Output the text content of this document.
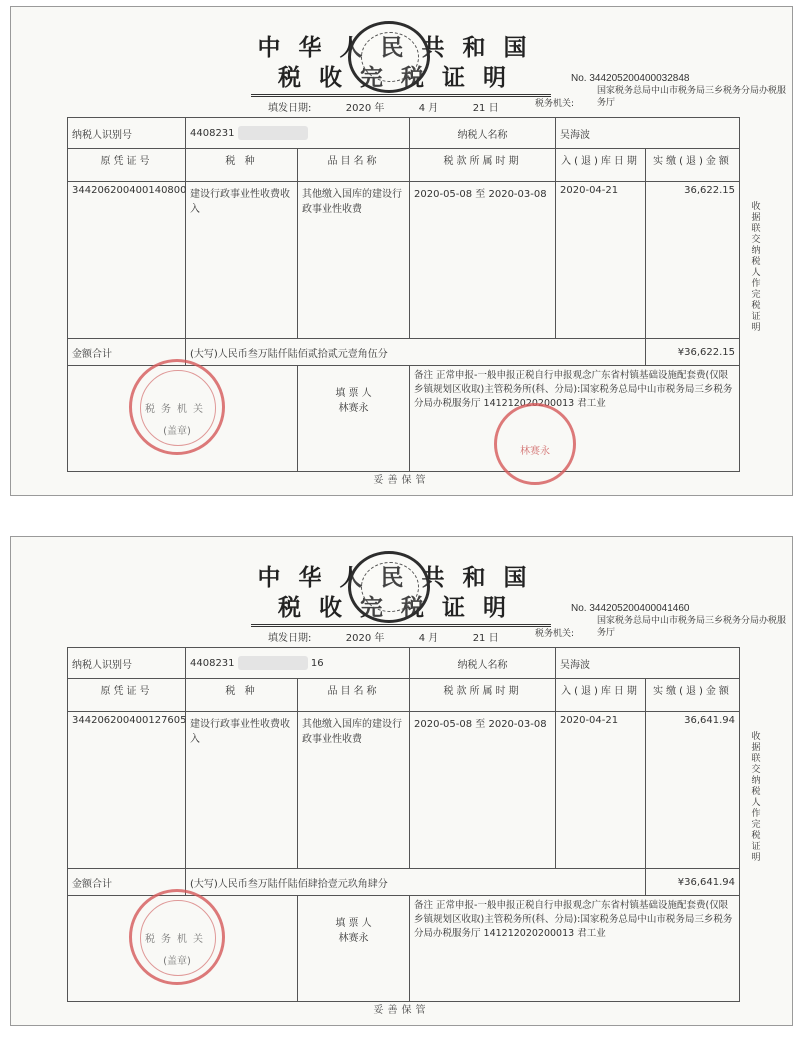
中华人民共和国
税收完税证明	No. 344205200400032848
填发日期:	2020 年	4 月	21 日	税务机关:
国家税务总局中山市税务局三乡税务分局办税服务厅
纳税人识别号	4408231		纳税人名称	吴海波	
原凭证号	税 种	品目名称	税款所属时期	入(退)库日期	实缴(退)金额
344206200400140800	建设行政事业性收费收入	其他缴入国库的建设行政事业性收费	2020-05-08 至 2020-03-08	2020-04-21	36,622.15
金额合计	(大写)人民币叁万陆仟陆佰贰拾贰元壹角伍分				¥36,622.15

		填 票 人
林赛永	备注 正常申报-一般申报正税自行申报观念广东省村镇基础设施配套费(仅限乡镇规划区收取)主管税务所(科、分局):国家税务总局中山市税务局三乡税务分局办税服务厅 141212020200013 君工业		
收据联 交纳税人作完税证明
税务机关
(盖章)
林赛永
妥善保管
中华人民共和国
税收完税证明	No. 344205200400041460
填发日期:	2020 年	4 月	21 日	税务机关:
国家税务总局中山市税务局三乡税务分局办税服务厅
纳税人识别号	4408231 16		纳税人名称	吴海波	
原凭证号	税 种	品目名称	税款所属时期	入(退)库日期	实缴(退)金额
344206200400127605	建设行政事业性收费收入	其他缴入国库的建设行政事业性收费	2020-05-08 至 2020-03-08	2020-04-21	36,641.94
金额合计	(大写)人民币叁万陆仟陆佰肆拾壹元玖角肆分				¥36,641.94

		填 票 人
林赛永	备注 正常申报-一般申报正税自行申报观念广东省村镇基础设施配套费(仅限乡镇规划区收取)主管税务所(科、分局):国家税务总局中山市税务局三乡税务分局办税服务厅 141212020200013 君工业		
收据联 交纳税人作完税证明
税务机关
(盖章)
妥善保管
